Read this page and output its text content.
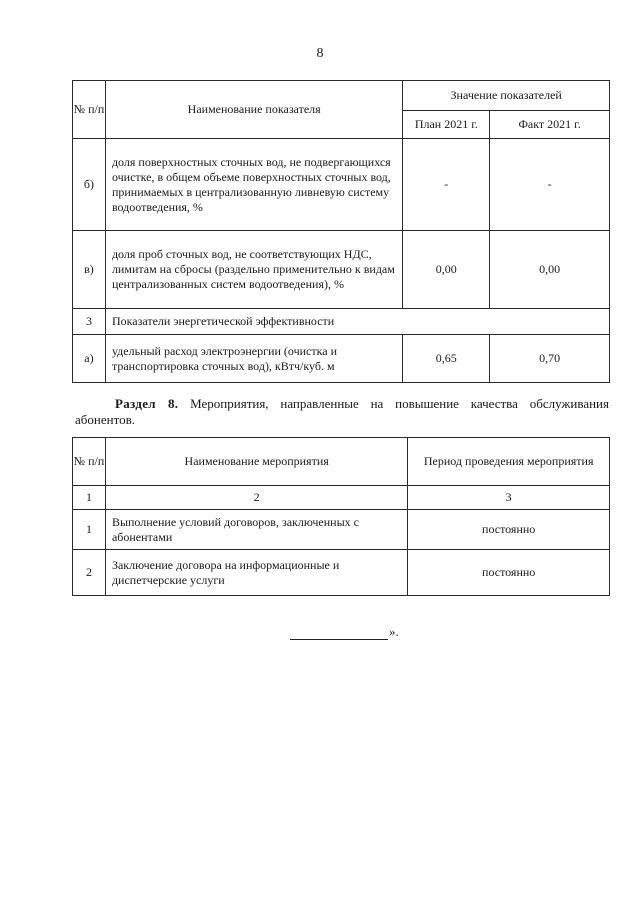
8
№ п/п	Наименование показателя	Значение показателей	
		План 2021 г.	Факт 2021 г.
б)	доля поверхностных сточных вод, не подвергающихся очистке, в общем объеме поверхностных сточных вод, принимаемых в централизованную ливневую систему водоотведения, %	-	-
в)	доля проб сточных вод, не соответствующих НДС, лимитам на сбросы (раздельно применительно к видам централизованных систем водоотведения), %	0,00	0,00
3	Показатели энергетической эффективности		
а)	удельный расход электроэнергии (очистка и транспортировка сточных вод), кВтч/куб. м	0,65	0,70
Раздел 8. Мероприятия, направленные на повышение качества обслуживания абонентов.
№ п/п	Наименование мероприятия	Период проведения мероприятия
1	2	3
1	Выполнение условий договоров, заключенных с абонентами	постоянно
2	Заключение договора на информационные и диспетчерские услуги	постоянно
».
